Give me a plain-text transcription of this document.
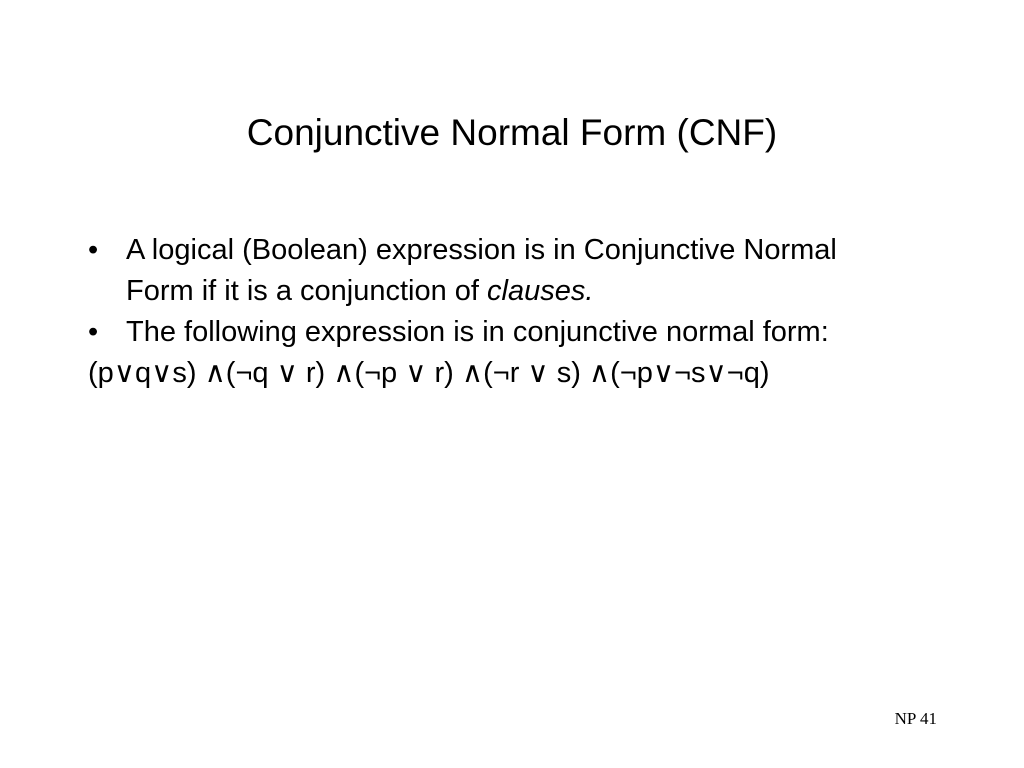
Conjunctive Normal Form (CNF)
• A logical (Boolean) expression is in Conjunctive Normal Form if it is a conjunction of clauses.
• The following expression is in conjunctive normal form:
(p∨q∨s) ∧(¬q ∨ r) ∧(¬p ∨ r) ∧(¬r ∨ s) ∧(¬p∨¬s∨¬q)
NP 41
